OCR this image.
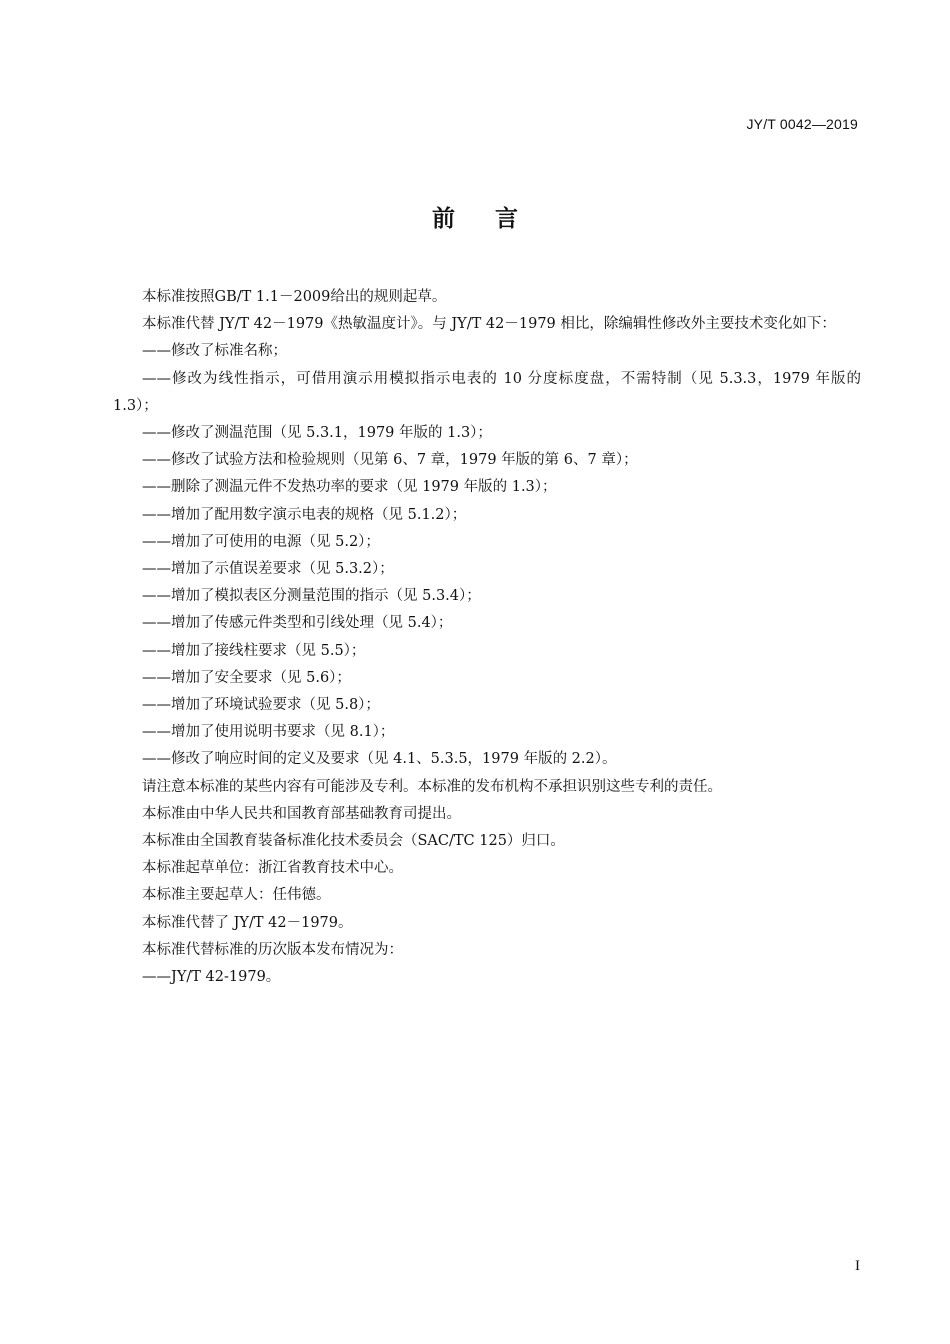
JY/T 0042—2019
前言

本标准按照GB/T 1.1－2009给出的规则起草。

本标准代替 JY/T 42－1979《热敏温度计》。与 JY/T 42－1979 相比，除编辑性修改外主要技术变化如下：

——修改了标准名称；

——修改为线性指示，可借用演示用模拟指示电表的 10 分度标度盘，不需特制（见 5.3.3，1979 年版的 1.3）；

——修改了测温范围（见 5.3.1，1979 年版的 1.3）；

——修改了试验方法和检验规则（见第 6、7 章，1979 年版的第 6、7 章）；

——删除了测温元件不发热功率的要求（见 1979 年版的 1.3）；

——增加了配用数字演示电表的规格（见 5.1.2）；

——增加了可使用的电源（见 5.2）；

——增加了示值误差要求（见 5.3.2）；

——增加了模拟表区分测量范围的指示（见 5.3.4）；

——增加了传感元件类型和引线处理（见 5.4）；

——增加了接线柱要求（见 5.5）；

——增加了安全要求（见 5.6）；

——增加了环境试验要求（见 5.8）；

——增加了使用说明书要求（见 8.1）；

——修改了响应时间的定义及要求（见 4.1、5.3.5，1979 年版的 2.2）。

请注意本标准的某些内容有可能涉及专利。本标准的发布机构不承担识别这些专利的责任。

本标准由中华人民共和国教育部基础教育司提出。

本标准由全国教育装备标准化技术委员会（SAC/TC 125）归口。

本标准起草单位：浙江省教育技术中心。

本标准主要起草人：任伟德。

本标准代替了 JY/T 42－1979。

本标准代替标准的历次版本发布情况为：

——JY/T 42-1979。

I
